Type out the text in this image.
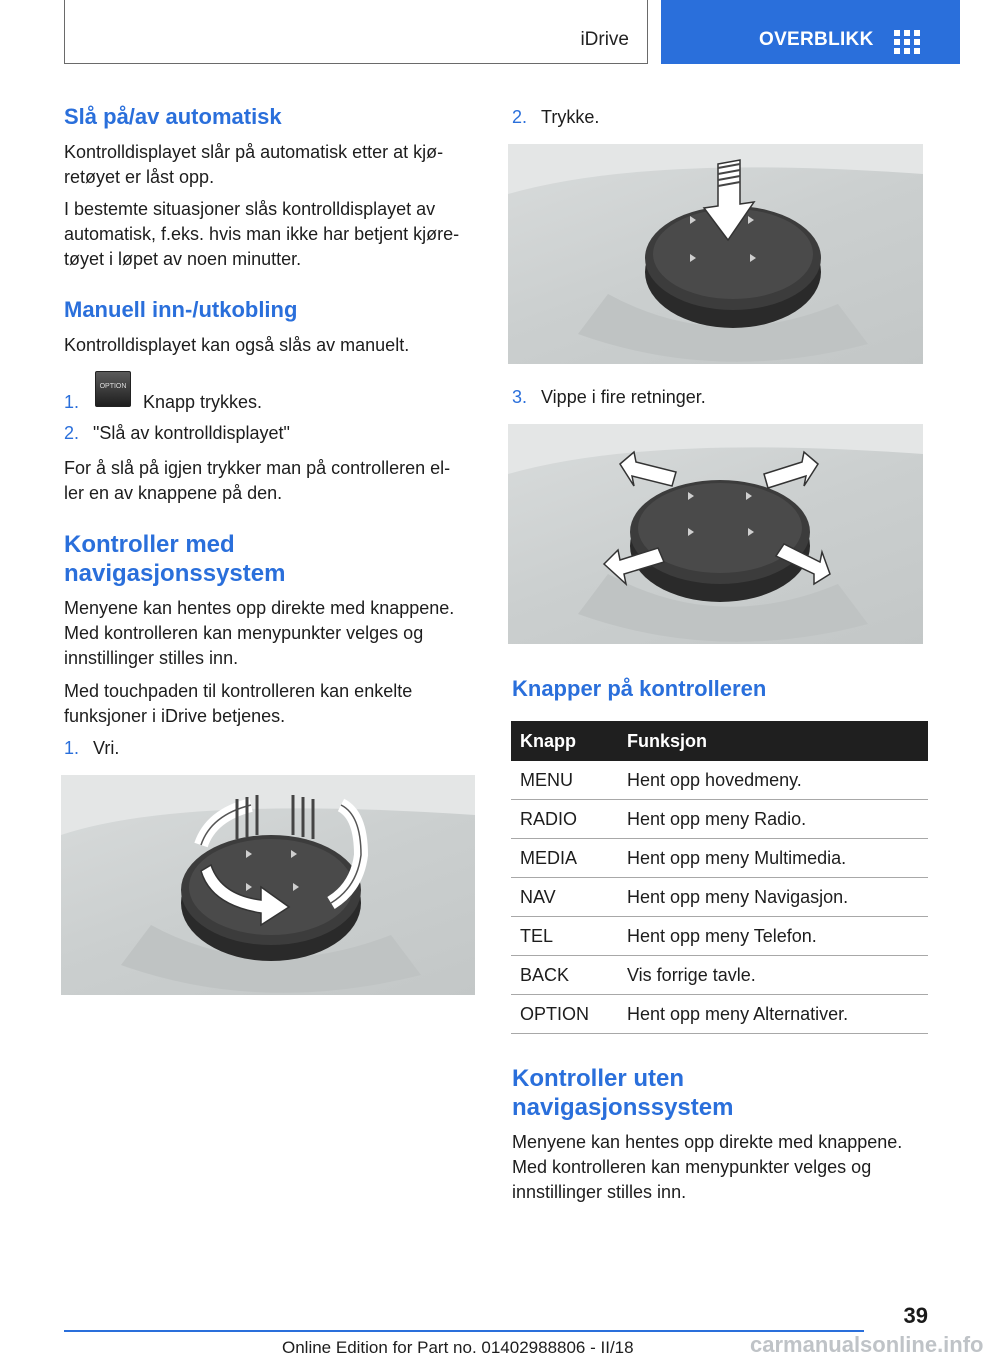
iDrive	OVERBLIKK
Slå på/av automatisk
Kontrolldisplayet slår på automatisk etter at kjø‐
retøyet er låst opp.
I bestemte situasjoner slås kontrolldisplayet av
automatisk, f.eks. hvis man ikke har betjent kjøre‐
tøyet i løpet av noen minutter.
Manuell inn-/utkobling
Kontrolldisplayet kan også slås av manuelt.
1.
OPTION
Knapp trykkes.
2. "Slå av kontrolldisplayet"
For å slå på igjen trykker man på controlleren el‐
ler en av knappene på den.
Kontroller med
navigasjonssystem
Menyene kan hentes opp direkte med knappene.
Med kontrolleren kan menypunkter velges og
innstillinger stilles inn.
Med touchpaden til kontrolleren kan enkelte
funksjoner i iDrive betjenes.
1. Vri.
2. Trykke.
3. Vippe i fire retninger.
Knapper på kontrolleren
Knapp	Funksjon
MENU	Hent opp hovedmeny.
RADIO	Hent opp meny Radio.
MEDIA	Hent opp meny Multimedia.
NAV	Hent opp meny Navigasjon.
TEL	Hent opp meny Telefon.
BACK	Vis forrige tavle.
OPTION	Hent opp meny Alternativer.
Kontroller uten
navigasjonssystem
Menyene kan hentes opp direkte med knappene.
Med kontrolleren kan menypunkter velges og
innstillinger stilles inn.
39
carmanualsonline.info
Online Edition for Part no. 01402988806 - II/18
